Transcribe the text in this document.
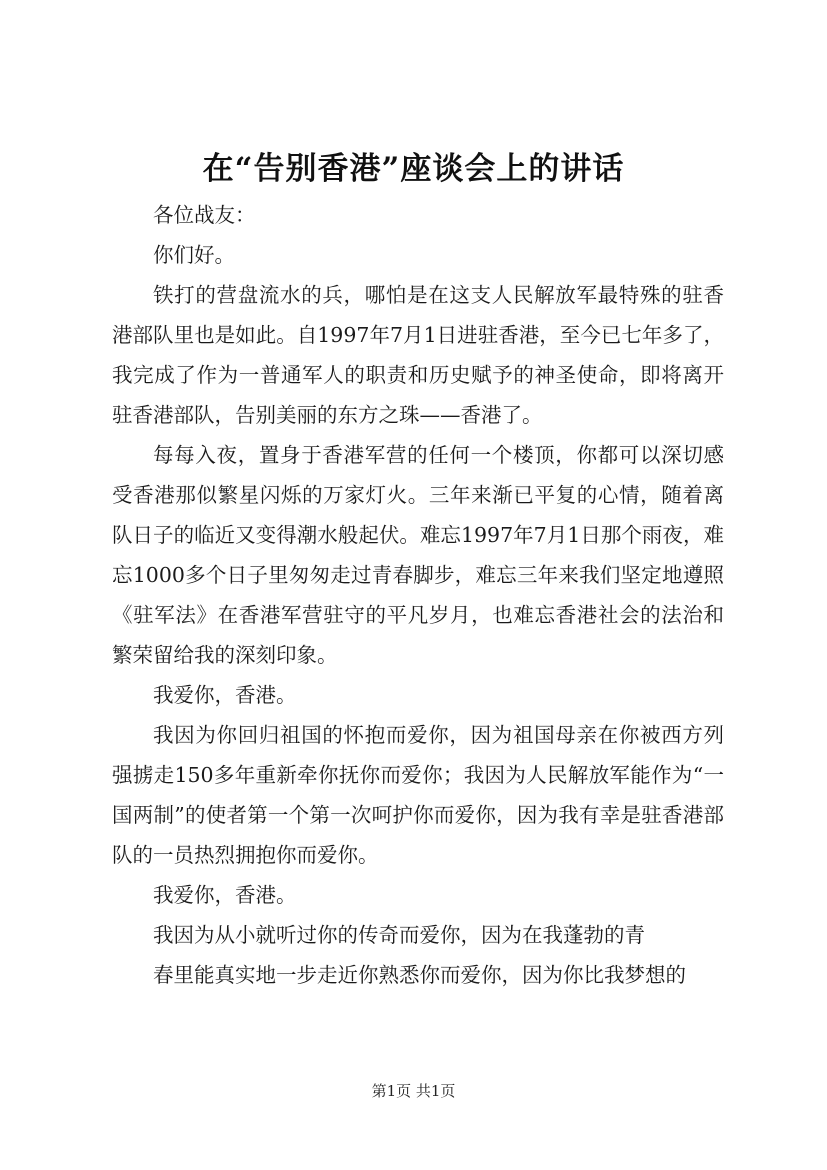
在“告别香港”座谈会上的讲话

各位战友：

你们好。

铁打的营盘流水的兵，哪怕是在这支人民解放军最特殊的驻香港部队里也是如此。自1997年7月1日进驻香港，至今已七年多了，我完成了作为一普通军人的职责和历史赋予的神圣使命，即将离开驻香港部队，告别美丽的东方之珠——香港了。

每每入夜，置身于香港军营的任何一个楼顶，你都可以深切感受香港那似繁星闪烁的万家灯火。三年来渐已平复的心情，随着离队日子的临近又变得潮水般起伏。难忘1997年7月1日那个雨夜，难忘1000多个日子里匆匆走过青春脚步，难忘三年来我们坚定地遵照《驻军法》在香港军营驻守的平凡岁月，也难忘香港社会的法治和繁荣留给我的深刻印象。

我爱你，香港。

我因为你回归祖国的怀抱而爱你，因为祖国母亲在你被西方列强掳走150多年重新牵你抚你而爱你；我因为人民解放军能作为“一国两制”的使者第一个第一次呵护你而爱你，因为我有幸是驻香港部队的一员热烈拥抱你而爱你。

我爱你，香港。

我因为从小就听过你的传奇而爱你，因为在我蓬勃的青

春里能真实地一步走近你熟悉你而爱你，因为你比我梦想的

第1页 共1页
